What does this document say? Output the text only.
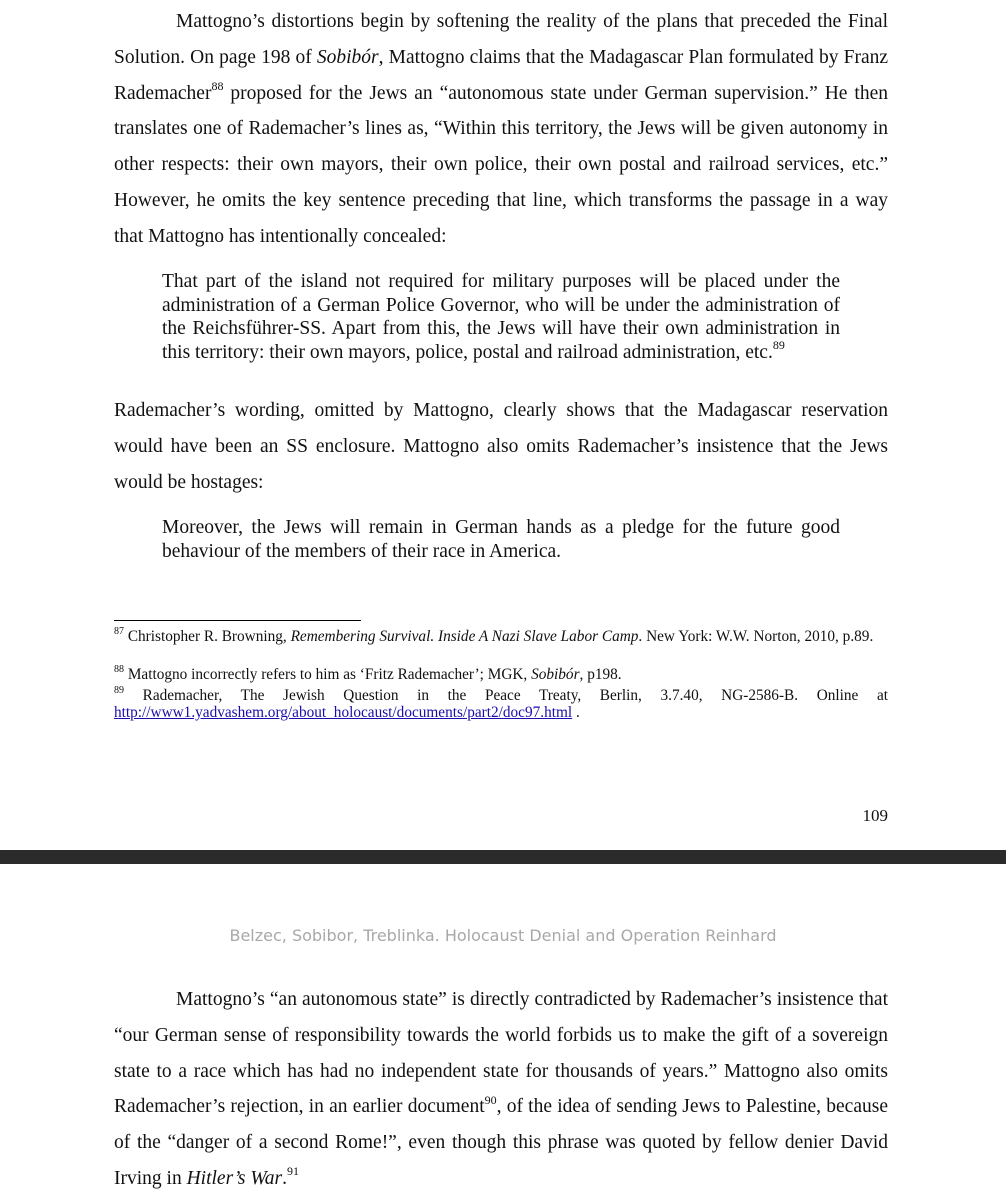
Mattogno’s distortions begin by softening the reality of the plans that preceded the Final Solution. On page 198 of Sobibór, Mattogno claims that the Madagascar Plan formulated by Franz Rademacher$^{88}$ proposed for the Jews an “autonomous state under German supervision.” He then translates one of Rademacher’s lines as, “Within this territory, the Jews will be given autonomy in other respects: their own mayors, their own police, their own postal and railroad services, etc.” However, he omits the key sentence preceding that line, which transforms the passage in a way that Mattogno has intentionally concealed:

That part of the island not required for military purposes will be placed under the administration of a German Police Governor, who will be under the administration of the Reichsführer-SS. Apart from this, the Jews will have their own administration in this territory: their own mayors, police, postal and railroad administration, etc.$^{89}$

Rademacher’s wording, omitted by Mattogno, clearly shows that the Madagascar reservation would have been an SS enclosure. Mattogno also omits Rademacher’s insistence that the Jews would be hostages:

Moreover, the Jews will remain in German hands as a pledge for the future good behaviour of the members of their race in America.

$^{87}$ Christopher R. Browning, Remembering Survival. Inside A Nazi Slave Labor Camp. New York: W.W. Norton, 2010, p.89.

$^{88}$ Mattogno incorrectly refers to him as ‘Fritz Rademacher’; MGK, Sobibór, p198.

$^{89}$ Rademacher, The Jewish Question in the Peace Treaty, Berlin, 3.7.40, NG-2586-B. Online at http://www1.yadvashem.org/about_holocaust/documents/part2/doc97.html .

109
Belzec, Sobibor, Treblinka. Holocaust Denial and Operation Reinhard

Mattogno’s “an autonomous state” is directly contradicted by Rademacher’s insistence that “our German sense of responsibility towards the world forbids us to make the gift of a sovereign state to a race which has had no independent state for thousands of years.” Mattogno also omits Rademacher’s rejection, in an earlier document$^{90}$, of the idea of sending Jews to Palestine, because of the “danger of a second Rome!”, even though this phrase was quoted by fellow denier David Irving in Hitler’s War.$^{91}$
